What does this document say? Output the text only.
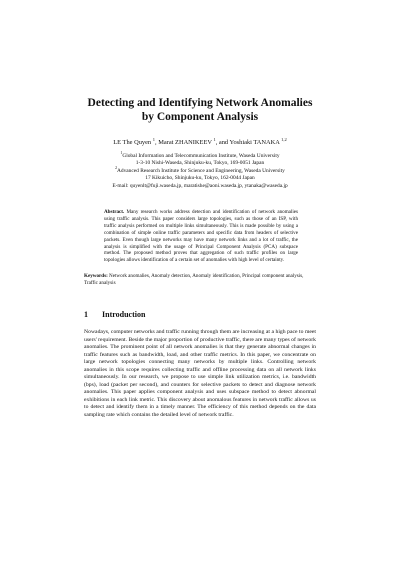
Detecting and Identifying Network Anomalies
by Component Analysis
LE The Quyen $^1$, Marat ZHANIKEEV $^1$, and Yoshiaki TANAKA $^{1,2}$
$^1$Global Information and Telecommunication Institute, Waseda University
1-3-10 Nishi-Waseda, Shinjuku-ku, Tokyo, 169-0051 Japan
$^2$Advanced Research Institute for Science and Engineering, Waseda University
17 Kikuicho, Shinjuku-ku, Tokyo, 162-0044 Japan
E-mail: quyenlt@fuji.waseda.jp, maratishe@aoni.waseda.jp, ytanaka@waseda.jp
Abstract. Many research works address detection and identification of network anomalies using traffic analysis. This paper considers large topologies, such as those of an ISP, with traffic analysis performed on multiple links simultaneously. This is made possible by using a combination of simple online traffic parameters and specific data from headers of selective packets. Even though large networks may have many network links and a lot of traffic, the analysis is simplified with the usage of Principal Component Analysis (PCA) subspace method. The proposed method proves that aggregation of such traffic profiles on large topologies allows identification of a certain set of anomalies with high level of certainty.
Keywords: Network anomalies, Anomaly detection, Anomaly identification, Principal component analysis, Traffic analysis
1 Introduction
Nowadays, computer networks and traffic running through them are increasing at a high pace to meet users' requirement. Beside the major proportion of productive traffic, there are many types of network anomalies. The prominent point of all network anomalies is that they generate abnormal changes in traffic features such as bandwidth, load, and other traffic metrics. In this paper, we concentrate on large network topologies connecting many networks by multiple links. Controlling network anomalies in this scope requires collecting traffic and offline processing data on all network links simultaneously. In our research, we propose to use simple link utilization metrics, i.e. bandwidth (bps), load (packet per second), and counters for selective packets to detect and diagnose network anomalies. This paper applies component analysis and uses subspace method to detect abnormal exhibitions in each link metric. This discovery about anomalous features in network traffic allows us to detect and identify them in a timely manner. The efficiency of this method depends on the data sampling rate which contains the detailed level of network traffic.
